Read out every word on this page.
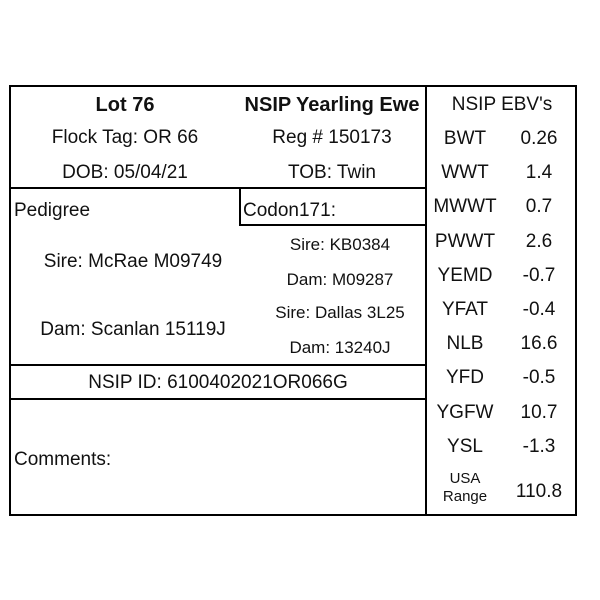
Lot 76	NSIP Yearling Ewe
Flock Tag: OR 66	Reg # 150173
DOB: 05/04/21	TOB: Twin
Pedigree	Codon171:
Sire: McRae M09749
Dam: Scanlan 15119J
Sire: KB0384
Dam: M09287
Sire: Dallas 3L25
Dam: 13240J
NSIP ID: 6100402021OR066G
Comments:
NSIP EBV's
BWT	0.26
WWT	1.4
MWWT	0.7
PWWT	2.6
YEMD	-0.7
YFAT	-0.4
NLB	16.6
YFD	-0.5
YGFW	10.7
YSL	-1.3
USA
Range	110.8
